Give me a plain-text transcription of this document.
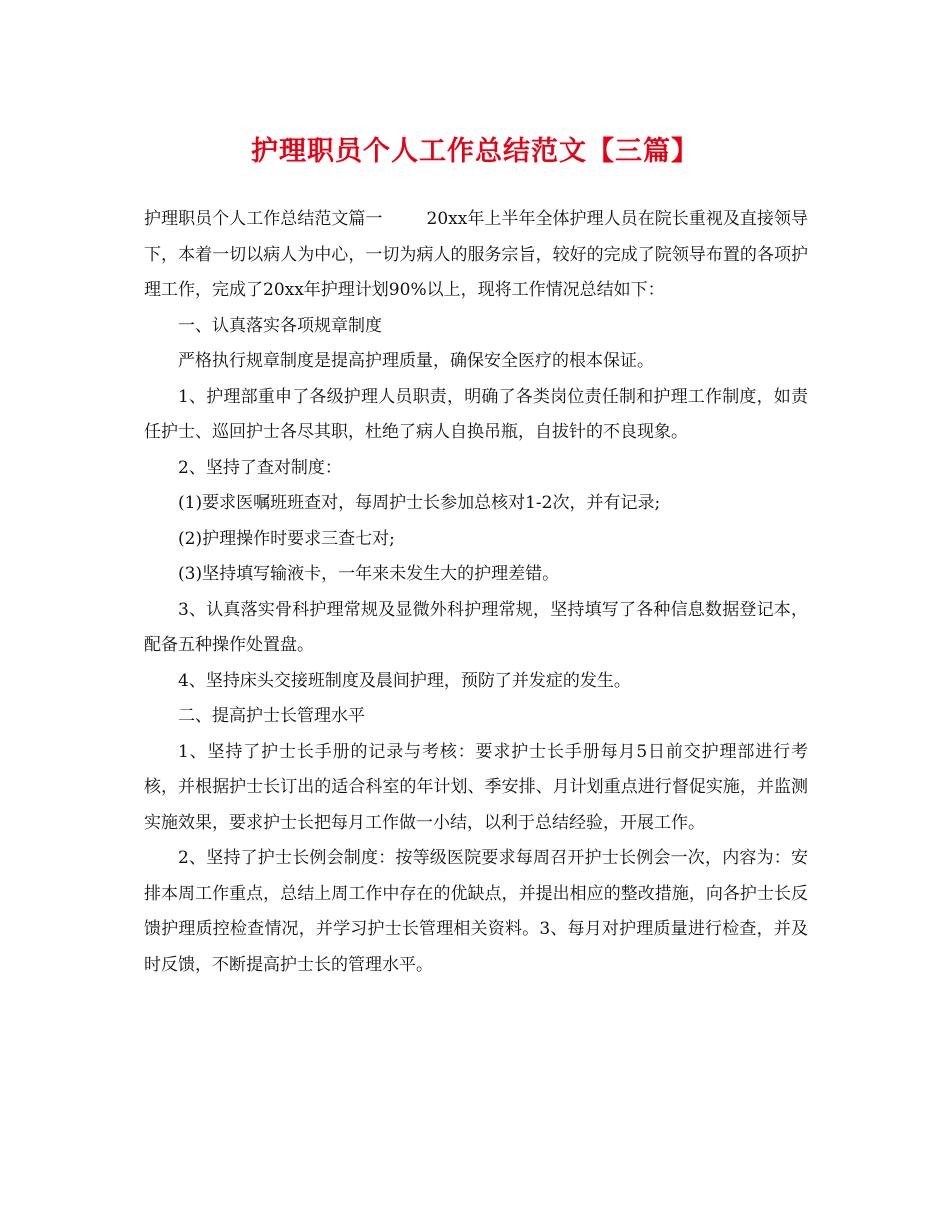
护理职员个人工作总结范文【三篇】

护理职员个人工作总结范文篇一	20xx年上半年全体护理人员在院长重视及直接领导下，本着一切以病人为中心，一切为病人的服务宗旨，较好的完成了院领导布置的各项护理工作，完成了20xx年护理计划90%以上，现将工作情况总结如下：

一、认真落实各项规章制度

严格执行规章制度是提高护理质量，确保安全医疗的根本保证。

1、护理部重申了各级护理人员职责，明确了各类岗位责任制和护理工作制度，如责任护士、巡回护士各尽其职，杜绝了病人自换吊瓶，自拔针的不良现象。

2、坚持了查对制度：

(1)要求医嘱班班查对，每周护士长参加总核对1-2次，并有记录;

(2)护理操作时要求三查七对;

(3)坚持填写输液卡，一年来未发生大的护理差错。

3、认真落实骨科护理常规及显微外科护理常规，坚持填写了各种信息数据登记本，配备五种操作处置盘。

4、坚持床头交接班制度及晨间护理，预防了并发症的发生。

二、提高护士长管理水平

1、坚持了护士长手册的记录与考核：要求护士长手册每月5日前交护理部进行考核，并根据护士长订出的适合科室的年计划、季安排、月计划重点进行督促实施，并监测实施效果，要求护士长把每月工作做一小结，以利于总结经验，开展工作。

2、坚持了护士长例会制度：按等级医院要求每周召开护士长例会一次，内容为：安排本周工作重点，总结上周工作中存在的优缺点，并提出相应的整改措施，向各护士长反馈护理质控检查情况，并学习护士长管理相关资料。3、每月对护理质量进行检查，并及时反馈，不断提高护士长的管理水平。
